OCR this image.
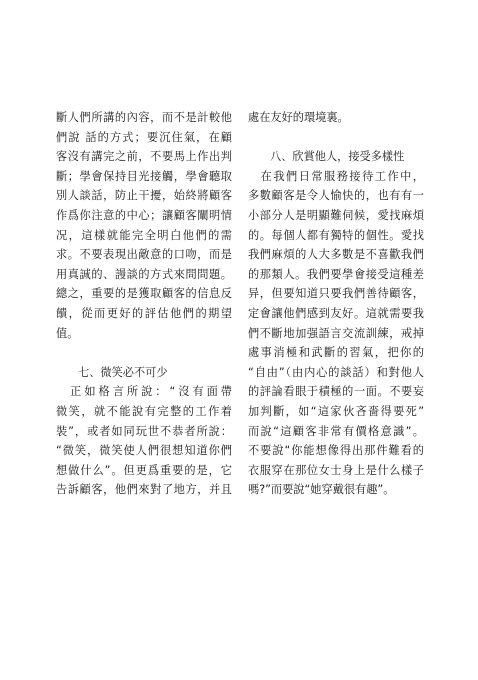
斷人們所講的內容，而不是計較他
們說 話的方式；要沉住氣，在顧
客沒有講完之前，不要馬上作出判
斷；學會保持目光接觸，學會聽取
別人談話，防止干擾，始終將顧客
作爲你注意的中心；讓顧客闡明情
况，這樣就能完全明白他們的需
求。不要表現出敵意的口吻，而是
用真誠的、謾談的方式來問問題。
總之，重要的是獲取顧客的信息反
饋，從而更好的評估他們的期望
值。
七、微笑必不可少
　正如格言所說：“沒有面帶
微笑，就不能說有完整的工作着
裝”，或者如同玩世不恭者所說：
“微笑，微笑使人們很想知道你們
想做什么”。但更爲重要的是，它
告訴顧客，他們來對了地方，并且
處在友好的環境裏。
八、欣賞他人，接受多樣性
　在我們日常服務接待工作中，
多數顧客是令人愉快的，也有有一
小部分人是明顯難伺候，愛找麻煩
的。每個人都有獨特的個性。愛找
我們麻煩的人大多數是不喜歡我們
的那類人。我們要學會接受這種差
异，但要知道只要我們善待顧客，
定會讓他們感到友好。這就需要我
們不斷地加强語言交流訓練，戒掉
處事消極和武斷的習氣，把你的
“自由”（由内心的談話）和對他人
的評論看眼于積極的一面。不要妄
加判斷，如“這家伙吝嗇得要死”
而說“這顧客非常有價格意識”。
不要說“你能想像得出那件難看的
衣服穿在那位女士身上是什么樣子
嗎?”而要說“她穿戴很有趣”。
